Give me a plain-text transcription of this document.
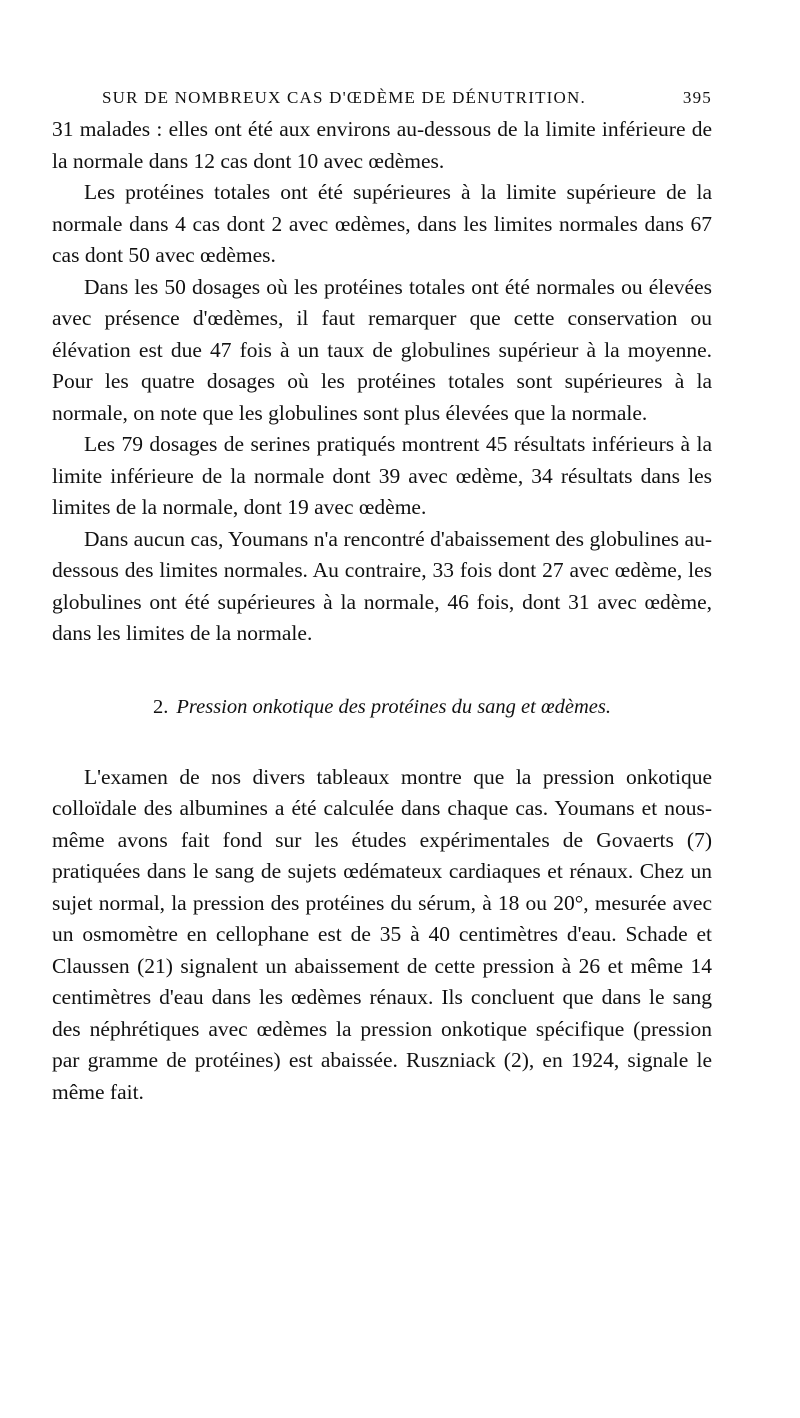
SUR DE NOMBREUX CAS D'ŒDÈME DE DÉNUTRITION.	395

31 malades : elles ont été aux environs au-dessous de la limite inférieure de la normale dans 12 cas dont 10 avec œdèmes.

Les protéines totales ont été supérieures à la limite supérieure de la normale dans 4 cas dont 2 avec œdèmes, dans les limites normales dans 67 cas dont 50 avec œdèmes.

Dans les 50 dosages où les protéines totales ont été normales ou élevées avec présence d'œdèmes, il faut remarquer que cette conservation ou élévation est due 47 fois à un taux de globulines supérieur à la moyenne. Pour les quatre dosages où les protéines totales sont supérieures à la normale, on note que les globulines sont plus élevées que la normale.

Les 79 dosages de serines pratiqués montrent 45 résultats inférieurs à la limite inférieure de la normale dont 39 avec œdème, 34 résultats dans les limites de la normale, dont 19 avec œdème.

Dans aucun cas, Youmans n'a rencontré d'abaissement des globulines au-dessous des limites normales. Au contraire, 33 fois dont 27 avec œdème, les globulines ont été supérieures à la normale, 46 fois, dont 31 avec œdème, dans les limites de la normale.

2. Pression onkotique des protéines du sang et œdèmes.

L'examen de nos divers tableaux montre que la pression onkotique colloïdale des albumines a été calculée dans chaque cas. Youmans et nous-même avons fait fond sur les études expérimentales de Govaerts (7) pratiquées dans le sang de sujets œdémateux cardiaques et rénaux. Chez un sujet normal, la pression des protéines du sérum, à 18 ou 20°, mesurée avec un osmomètre en cellophane est de 35 à 40 centimètres d'eau. Schade et Claussen (21) signalent un abaissement de cette pression à 26 et même 14 centimètres d'eau dans les œdèmes rénaux. Ils concluent que dans le sang des néphrétiques avec œdèmes la pression onkotique spécifique (pression par gramme de protéines) est abaissée. Ruszniack (2), en 1924, signale le même fait.
